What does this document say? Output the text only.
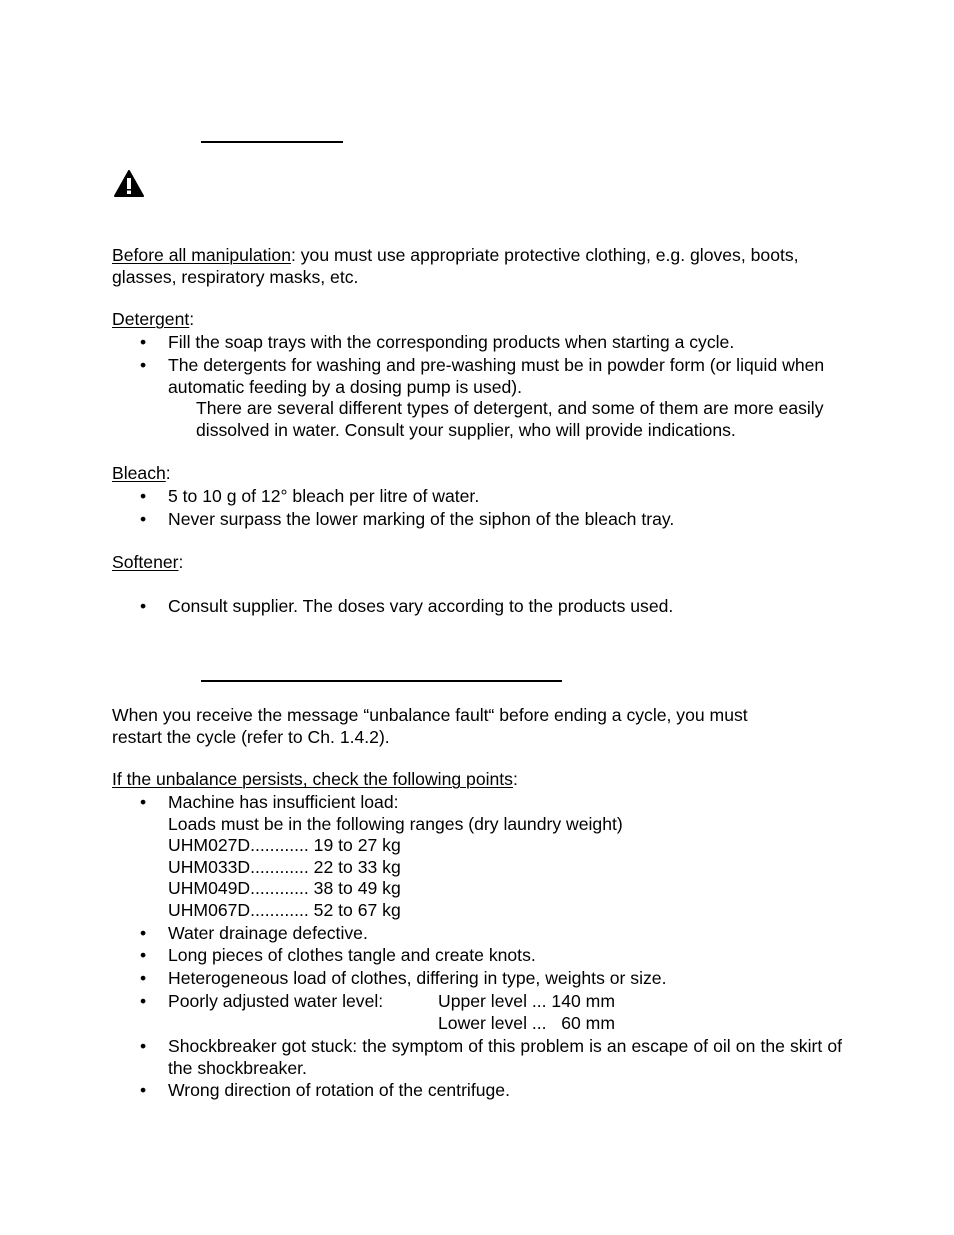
Before all manipulation: you must use appropriate protective clothing, e.g. gloves, boots, glasses, respiratory masks, etc.
Detergent:
• Fill the soap trays with the corresponding products when starting a cycle.
• The detergents for washing and pre-washing must be in powder form (or liquid when automatic feeding by a dosing pump is used).
There are several different types of detergent, and some of them are more easily dissolved in water. Consult your supplier, who will provide indications.
Bleach:
• 5 to 10 g of 12° bleach per litre of water.
• Never surpass the lower marking of the siphon of the bleach tray.
Softener:
• Consult supplier. The doses vary according to the products used.
When you receive the message “unbalance fault“ before ending a cycle, you must restart the cycle (refer to Ch. 1.4.2).
If the unbalance persists, check the following points:
• Machine has insufficient load:
Loads must be in the following ranges (dry laundry weight)
UHM027D............ 19 to 27 kg
UHM033D............ 22 to 33 kg
UHM049D............ 38 to 49 kg
UHM067D............ 52 to 67 kg
• Water drainage defective.
• Long pieces of clothes tangle and create knots.
• Heterogeneous load of clothes, differing in type, weights or size.
• Poorly adjusted water level:	Upper level ... 140 mm
Lower level ...   60 mm
• Shockbreaker got stuck: the symptom of this problem is an escape of oil on the skirt of the shockbreaker.
• Wrong direction of rotation of the centrifuge.
